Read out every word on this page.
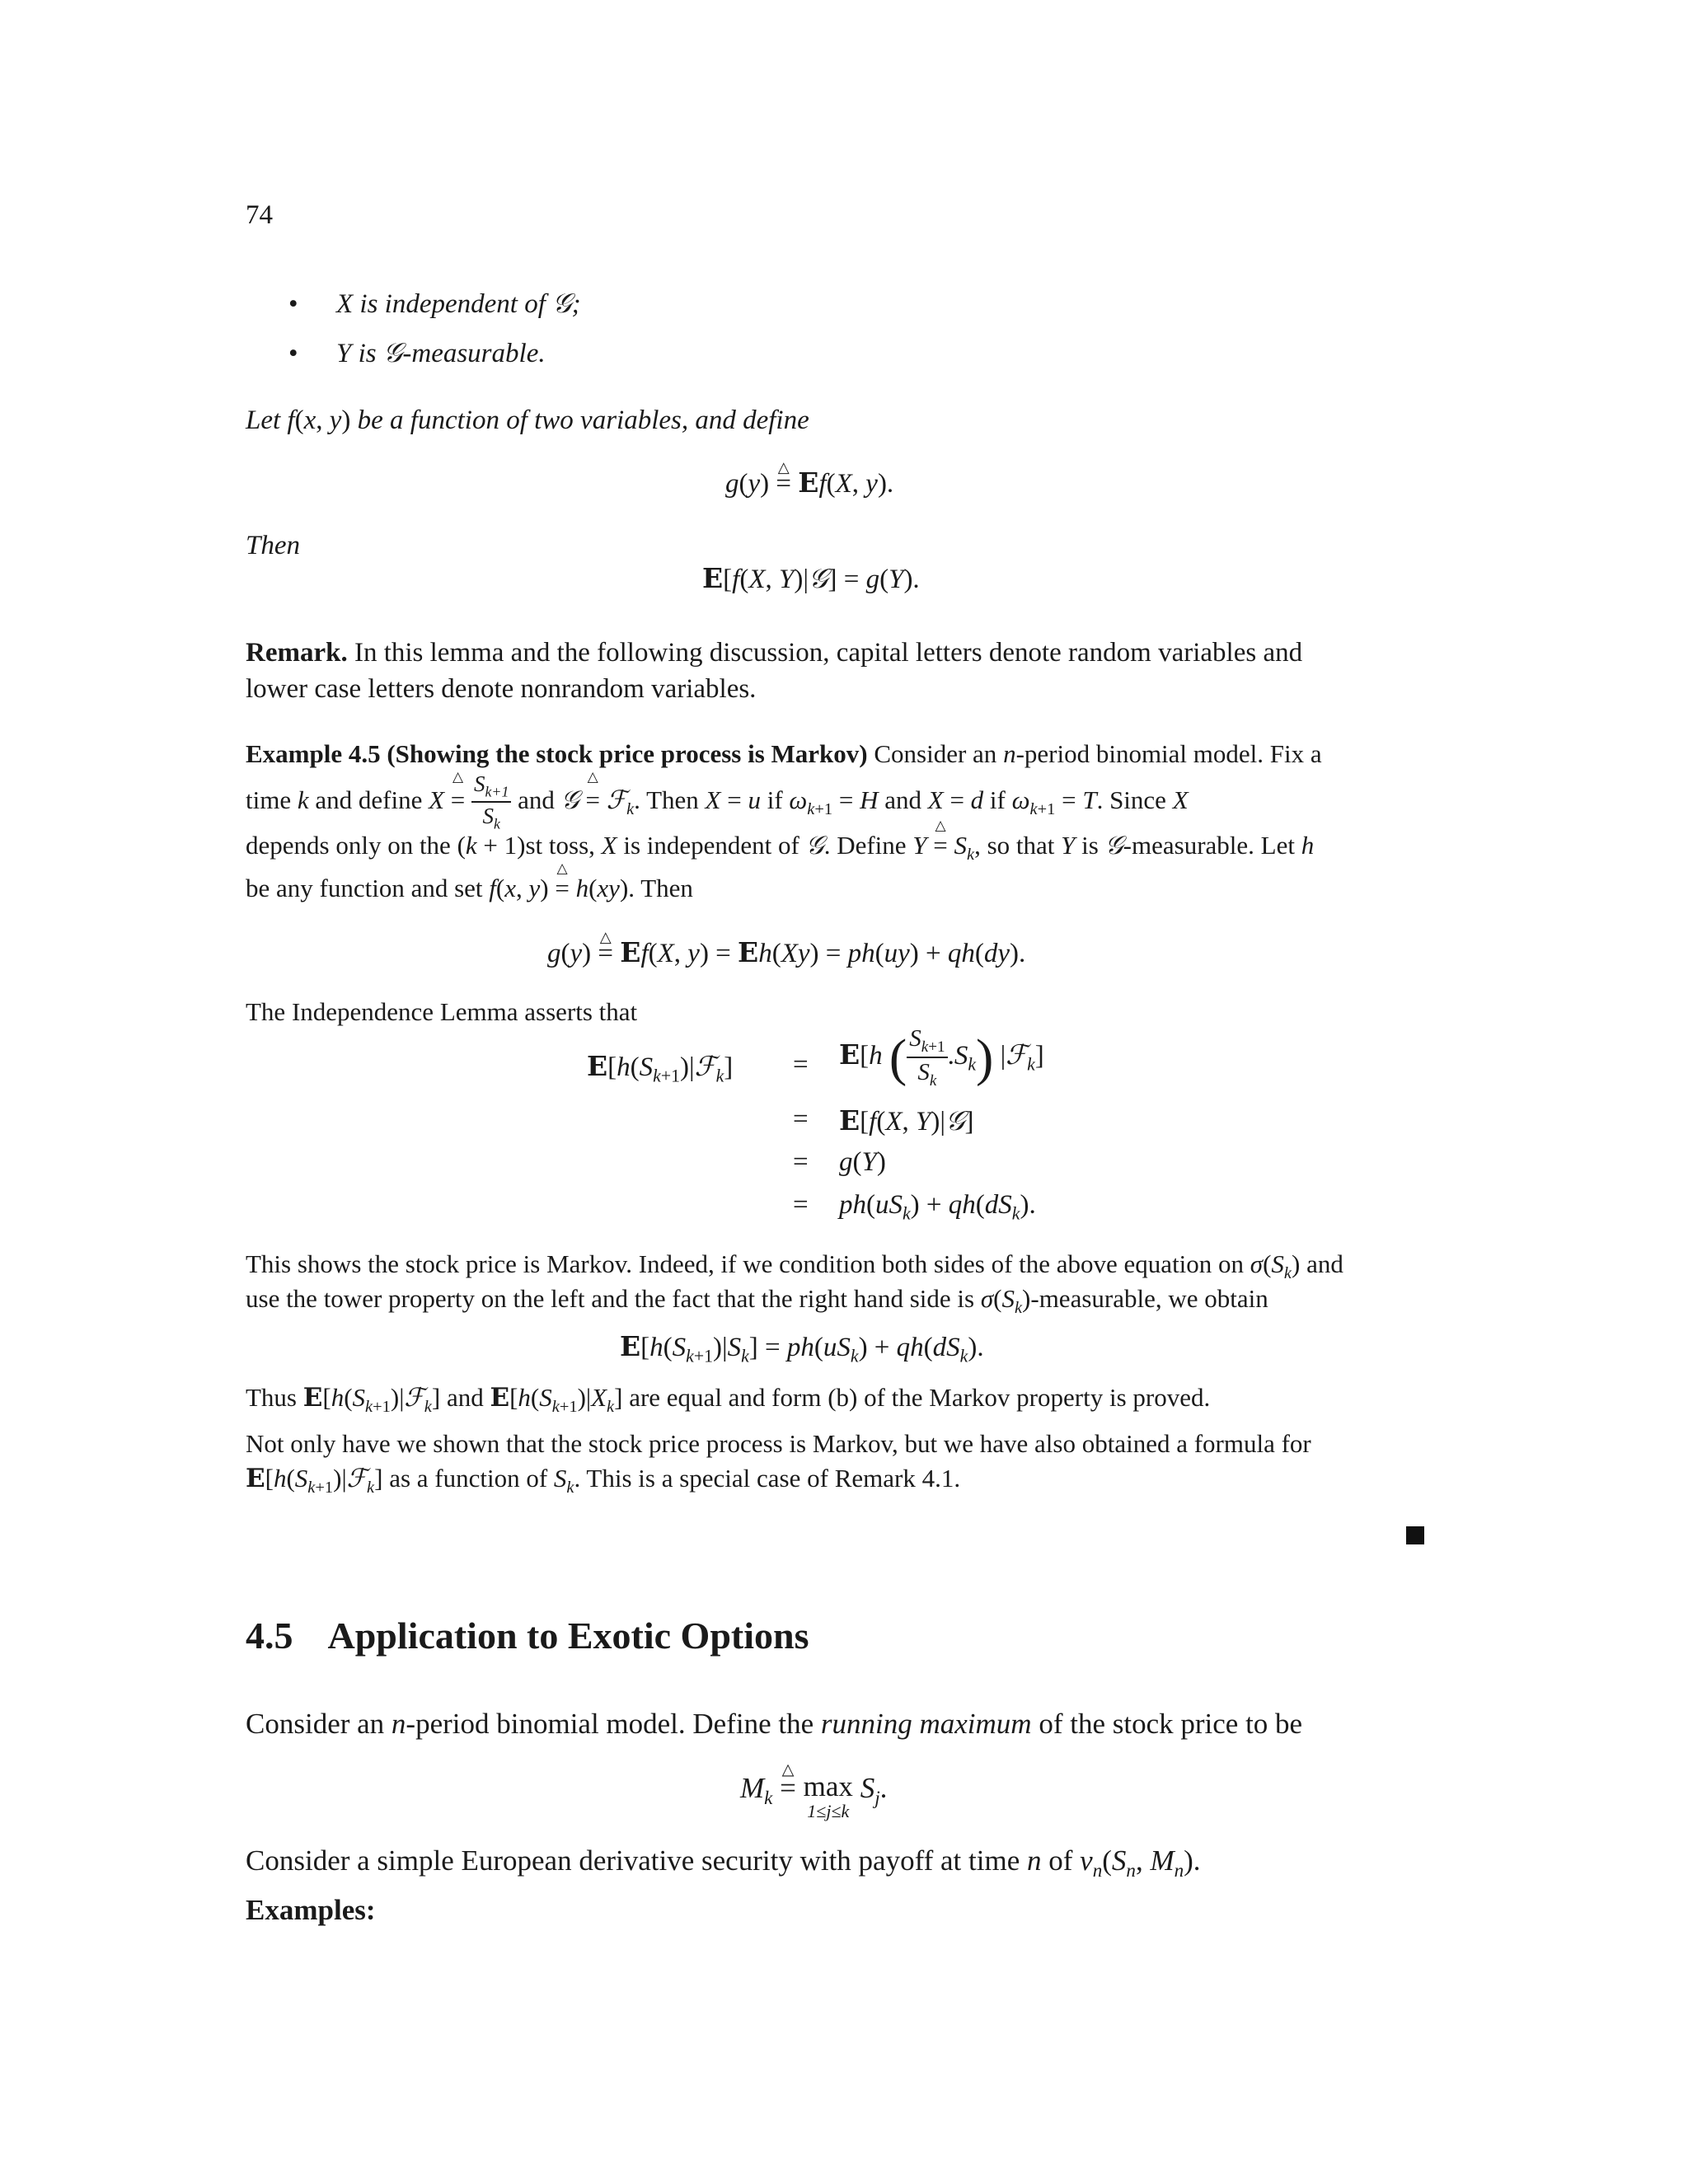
74
• X is independent of 𝒢;
• Y is 𝒢-measurable.
Let f(x, y) be a function of two variables, and define
g(y) △ = Ef(X, y).
Then
E[f(X, Y)|𝒢] = g(Y).
Remark. In this lemma and the following discussion, capital letters denote random variables and
lower case letters denote nonrandom variables.
Example 4.5 (Showing the stock price process is Markov) Consider an n-period binomial model. Fix a
time k and define X △ = $\frac{S_{k+1}}{S_k}$ and 𝒢 △ = ℱ$_k$. Then X = u if $\omega_{k+1} = H$ and X = d if $\omega_{k+1} = T$. Since X
depends only on the (k + 1)st toss, X is independent of 𝒢. Define Y △ = $S_k$, so that Y is 𝒢-measurable. Let h
be any function and set f(x, y) △ = h(xy). Then
g(y) △ = Ef(X, y) = Eh(Xy) = ph(uy) + qh(dy).
The Independence Lemma asserts that
$E[h(S_{k+1})|ℱ_k] = E[h$ ( $\frac{S_{k+1}}{S_k} .S_k$) |ℱ$_k$]
= E[f(X, Y)|𝒢]
= g(Y)
= $ph(uS_k) + qh(dS_k)$.
This shows the stock price is Markov. Indeed, if we condition both sides of the above equation on $\sigma(S_k)$ and
use the tower property on the left and the fact that the right hand side is $\sigma(S_k)$-measurable, we obtain
$E[h(S_{k+1})|S_k] = ph(uS_k) + qh(dS_k)$.
Thus $E[h(S_{k+1})|ℱ_k]$ and $E[h(S_{k+1})|X_k]$ are equal and form (b) of the Markov property is proved.
Not only have we shown that the stock price process is Markov, but we have also obtained a formula for
$E[h(S_{k+1})|ℱ_k]$ as a function of $S_k$. This is a special case of Remark 4.1.
4.5 Application to Exotic Options
Consider an n-period binomial model. Define the running maximum of the stock price to be
$M_k$ △ = max
1≤j≤k
$S_j$.
Consider a simple European derivative security with payoff at time n of $v_n(S_n$, $M_n$).
Examples:
